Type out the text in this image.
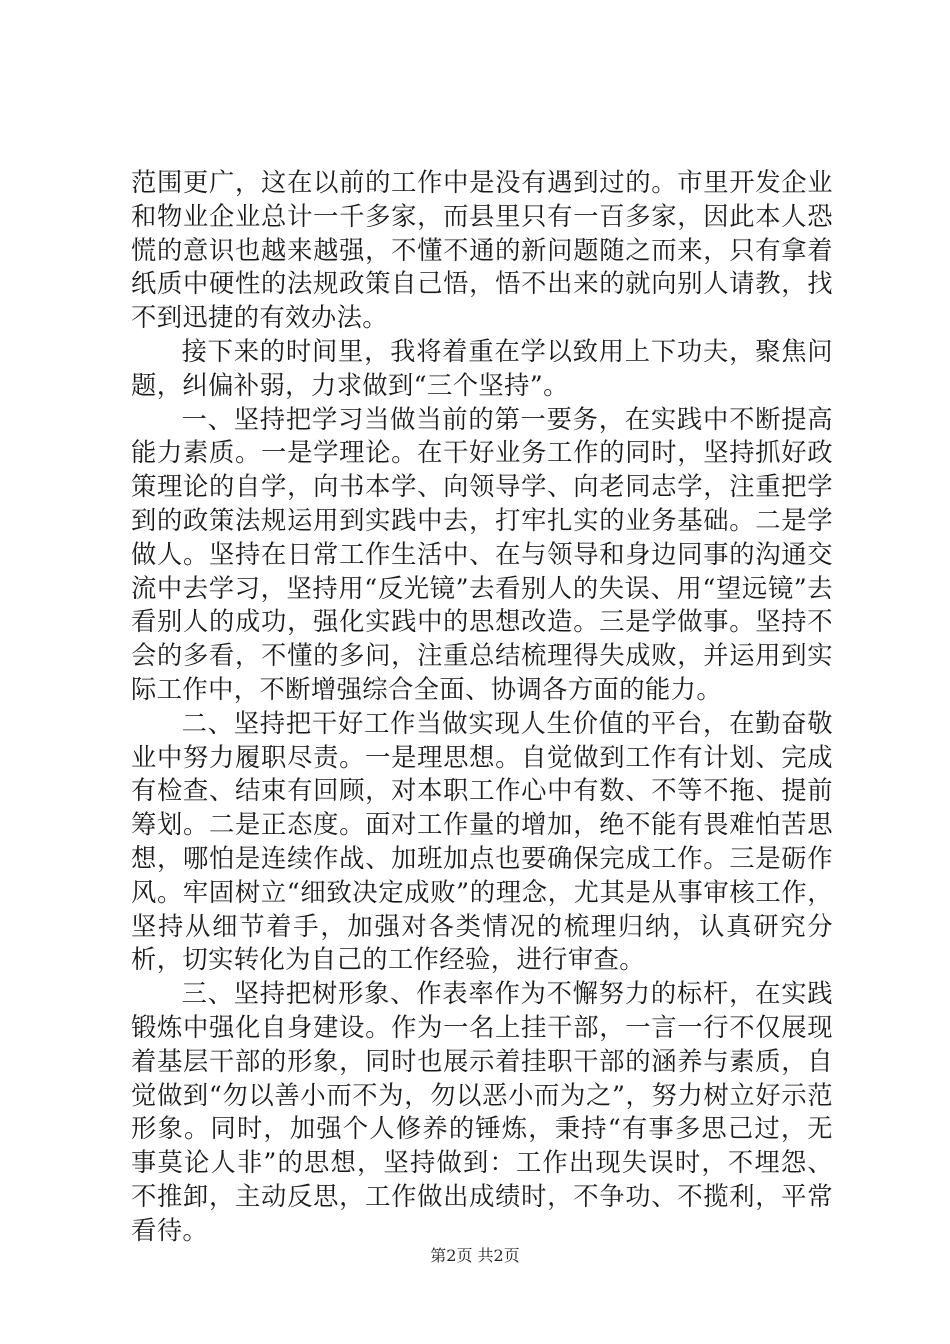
范围更广，这在以前的工作中是没有遇到过的。市里开发企业和物业企业总计一千多家，而县里只有一百多家，因此本人恐慌的意识也越来越强，不懂不通的新问题随之而来，只有拿着纸质中硬性的法规政策自己悟，悟不出来的就向别人请教，找不到迅捷的有效办法。

接下来的时间里，我将着重在学以致用上下功夫，聚焦问题，纠偏补弱，力求做到“三个坚持”。

一、坚持把学习当做当前的第一要务，在实践中不断提高能力素质。一是学理论。在干好业务工作的同时，坚持抓好政策理论的自学，向书本学、向领导学、向老同志学，注重把学到的政策法规运用到实践中去，打牢扎实的业务基础。二是学做人。坚持在日常工作生活中、在与领导和身边同事的沟通交流中去学习，坚持用“反光镜”去看别人的失误、用“望远镜”去看别人的成功，强化实践中的思想改造。三是学做事。坚持不会的多看，不懂的多问，注重总结梳理得失成败，并运用到实际工作中，不断增强综合全面、协调各方面的能力。

二、坚持把干好工作当做实现人生价值的平台，在勤奋敬业中努力履职尽责。一是理思想。自觉做到工作有计划、完成有检查、结束有回顾，对本职工作心中有数、不等不拖、提前筹划。二是正态度。面对工作量的增加，绝不能有畏难怕苦思想，哪怕是连续作战、加班加点也要确保完成工作。三是砺作风。牢固树立“细致决定成败”的理念，尤其是从事审核工作，坚持从细节着手，加强对各类情况的梳理归纳，认真研究分析，切实转化为自己的工作经验，进行审查。

三、坚持把树形象、作表率作为不懈努力的标杆，在实践锻炼中强化自身建设。作为一名上挂干部，一言一行不仅展现着基层干部的形象，同时也展示着挂职干部的涵养与素质，自觉做到“勿以善小而不为，勿以恶小而为之”，努力树立好示范形象。同时，加强个人修养的锤炼，秉持“有事多思己过，无事莫论人非”的思想，坚持做到：工作出现失误时，不埋怨、不推卸，主动反思，工作做出成绩时，不争功、不揽利，平常看待。

第2页 共2页
